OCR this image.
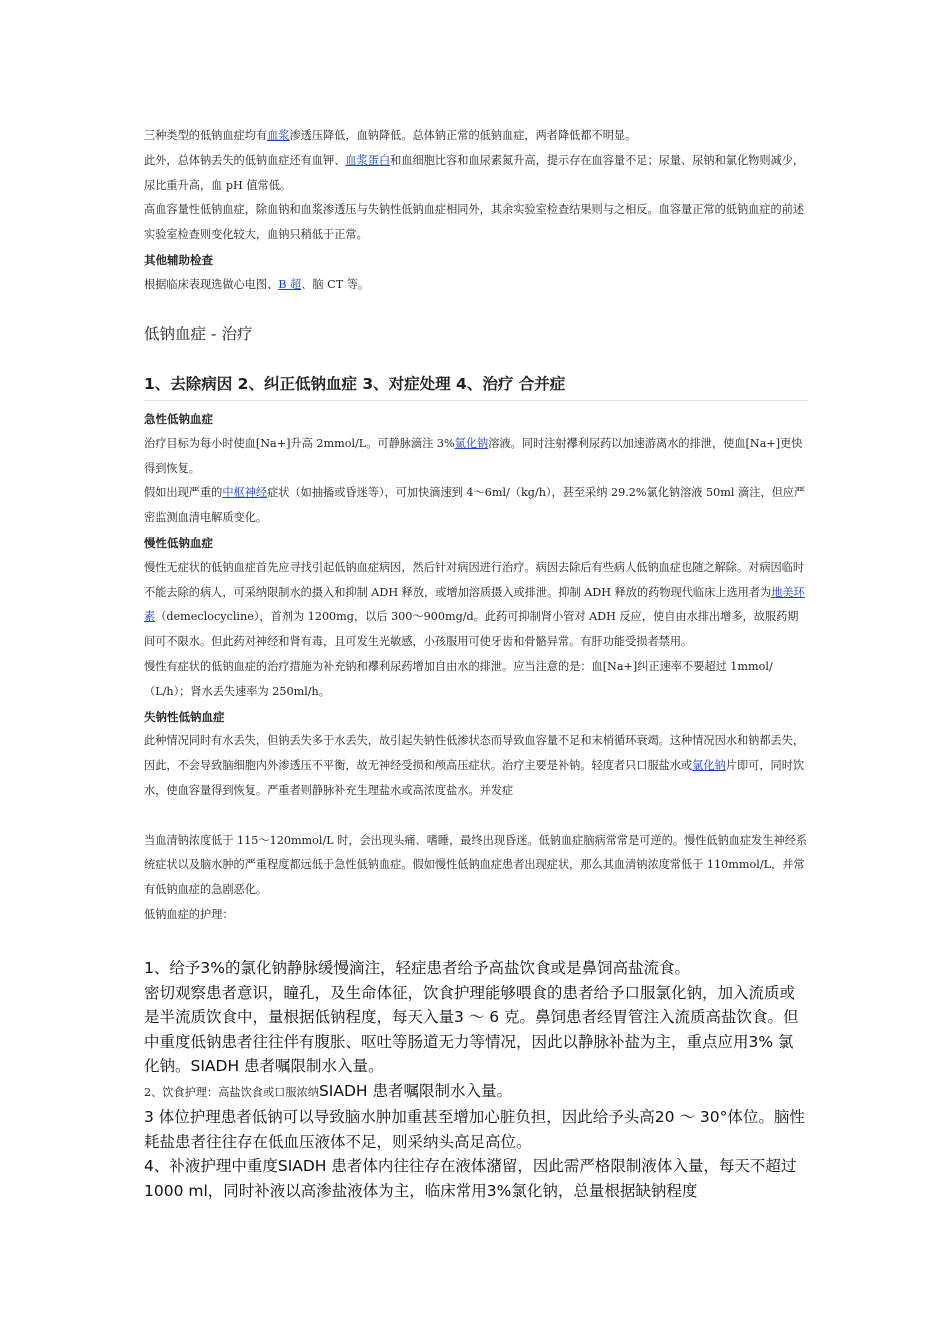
三种类型的低钠血症均有血浆渗透压降低，血钠降低。总体钠正常的低钠血症，两者降低都不明显。

此外，总体钠丢失的低钠血症还有血钾、血浆蛋白和血细胞比容和血尿素氮升高，提示存在血容量不足；尿量、尿钠和氯化物则减少，尿比重升高，血 pH 值常低。

高血容量性低钠血症，除血钠和血浆渗透压与失钠性低钠血症相同外，其余实验室检查结果则与之相反。血容量正常的低钠血症的前述实验室检查则变化较大，血钠只稍低于正常。

其他辅助检查

根据临床表现选做心电图、B 超、脑 CT 等。

低钠血症 - 治疗
1、去除病因 2、纠正低钠血症 3、对症处理 4、治疗 合并症

急性低钠血症

治疗目标为每小时使血[Na+]升高 2mmol/L。可静脉滴注 3%氯化钠溶液。同时注射襻利尿药以加速游离水的排泄，使血[Na+]更快得到恢复。

假如出现严重的中枢神经症状（如抽搐或昏迷等），可加快滴速到 4～6ml/（kg/h），甚至采纳 29.2%氯化钠溶液 50ml 滴注，但应严密监测血清电解质变化。

慢性低钠血症

慢性无症状的低钠血症首先应寻找引起低钠血症病因，然后针对病因进行治疗。病因去除后有些病人低钠血症也随之解除。对病因临时不能去除的病人，可采纳限制水的摄入和抑制 ADH 释放，或增加溶质摄入或排泄。抑制 ADH 释放的药物现代临床上选用者为地美环素（demeclocycline），首剂为 1200mg，以后 300～900mg/d。此药可抑制肾小管对 ADH 反应，使自由水排出增多，故服药期间可不限水。但此药对神经和肾有毒，且可发生光敏感，小孩服用可使牙齿和骨骼异常。有肝功能受损者禁用。

慢性有症状的低钠血症的治疗措施为补充钠和襻利尿药增加自由水的排泄。应当注意的是：血[Na+]纠正速率不要超过 1mmol/（L/h）；肾水丢失速率为 250ml/h。

失钠性低钠血症

此种情况同时有水丢失，但钠丢失多于水丢失，故引起失钠性低渗状态而导致血容量不足和末梢循环衰竭。这种情况因水和钠都丢失，因此，不会导致脑细胞内外渗透压不平衡，故无神经受损和颅高压症状。治疗主要是补钠。轻度者只口服盐水或氯化钠片即可，同时饮水，使血容量得到恢复。严重者则静脉补充生理盐水或高浓度盐水。并发症

当血清钠浓度低于 115～120mmol/L 时，会出现头痛、嗜睡，最终出现昏迷。低钠血症脑病常常是可逆的。慢性低钠血症发生神经系统症状以及脑水肿的严重程度都远低于急性低钠血症。假如慢性低钠血症患者出现症状，那么其血清钠浓度常低于 110mmol/L，并常有低钠血症的急剧恶化。

低钠血症的护理：

1、给予3%的氯化钠静脉缓慢滴注，轻症患者给予高盐饮食或是鼻饲高盐流食。

密切观察患者意识，瞳孔，及生命体征，饮食护理能够喂食的患者给予口服氯化钠，加入流质或是半流质饮食中，量根据低钠程度，每天入量3 ～ 6 克。鼻饲患者经胃管注入流质高盐饮食。但中重度低钠患者往往伴有腹胀、呕吐等肠道无力等情况，因此以静脉补盐为主，重点应用3% 氯化钠。SIADH 患者嘱限制水入量。

2、饮食护理：高盐饮食或口服浓纳SIADH 患者嘱限制水入量。

3 体位护理患者低钠可以导致脑水肿加重甚至增加心脏负担，因此给予头高20 ～ 30°体位。脑性耗盐患者往往存在低血压液体不足，则采纳头高足高位。

4、补液护理中重度SIADH 患者体内往往存在液体潴留，因此需严格限制液体入量，每天不超过1000 ml，同时补液以高渗盐液体为主，临床常用3%氯化钠，总量根据缺钠程度
